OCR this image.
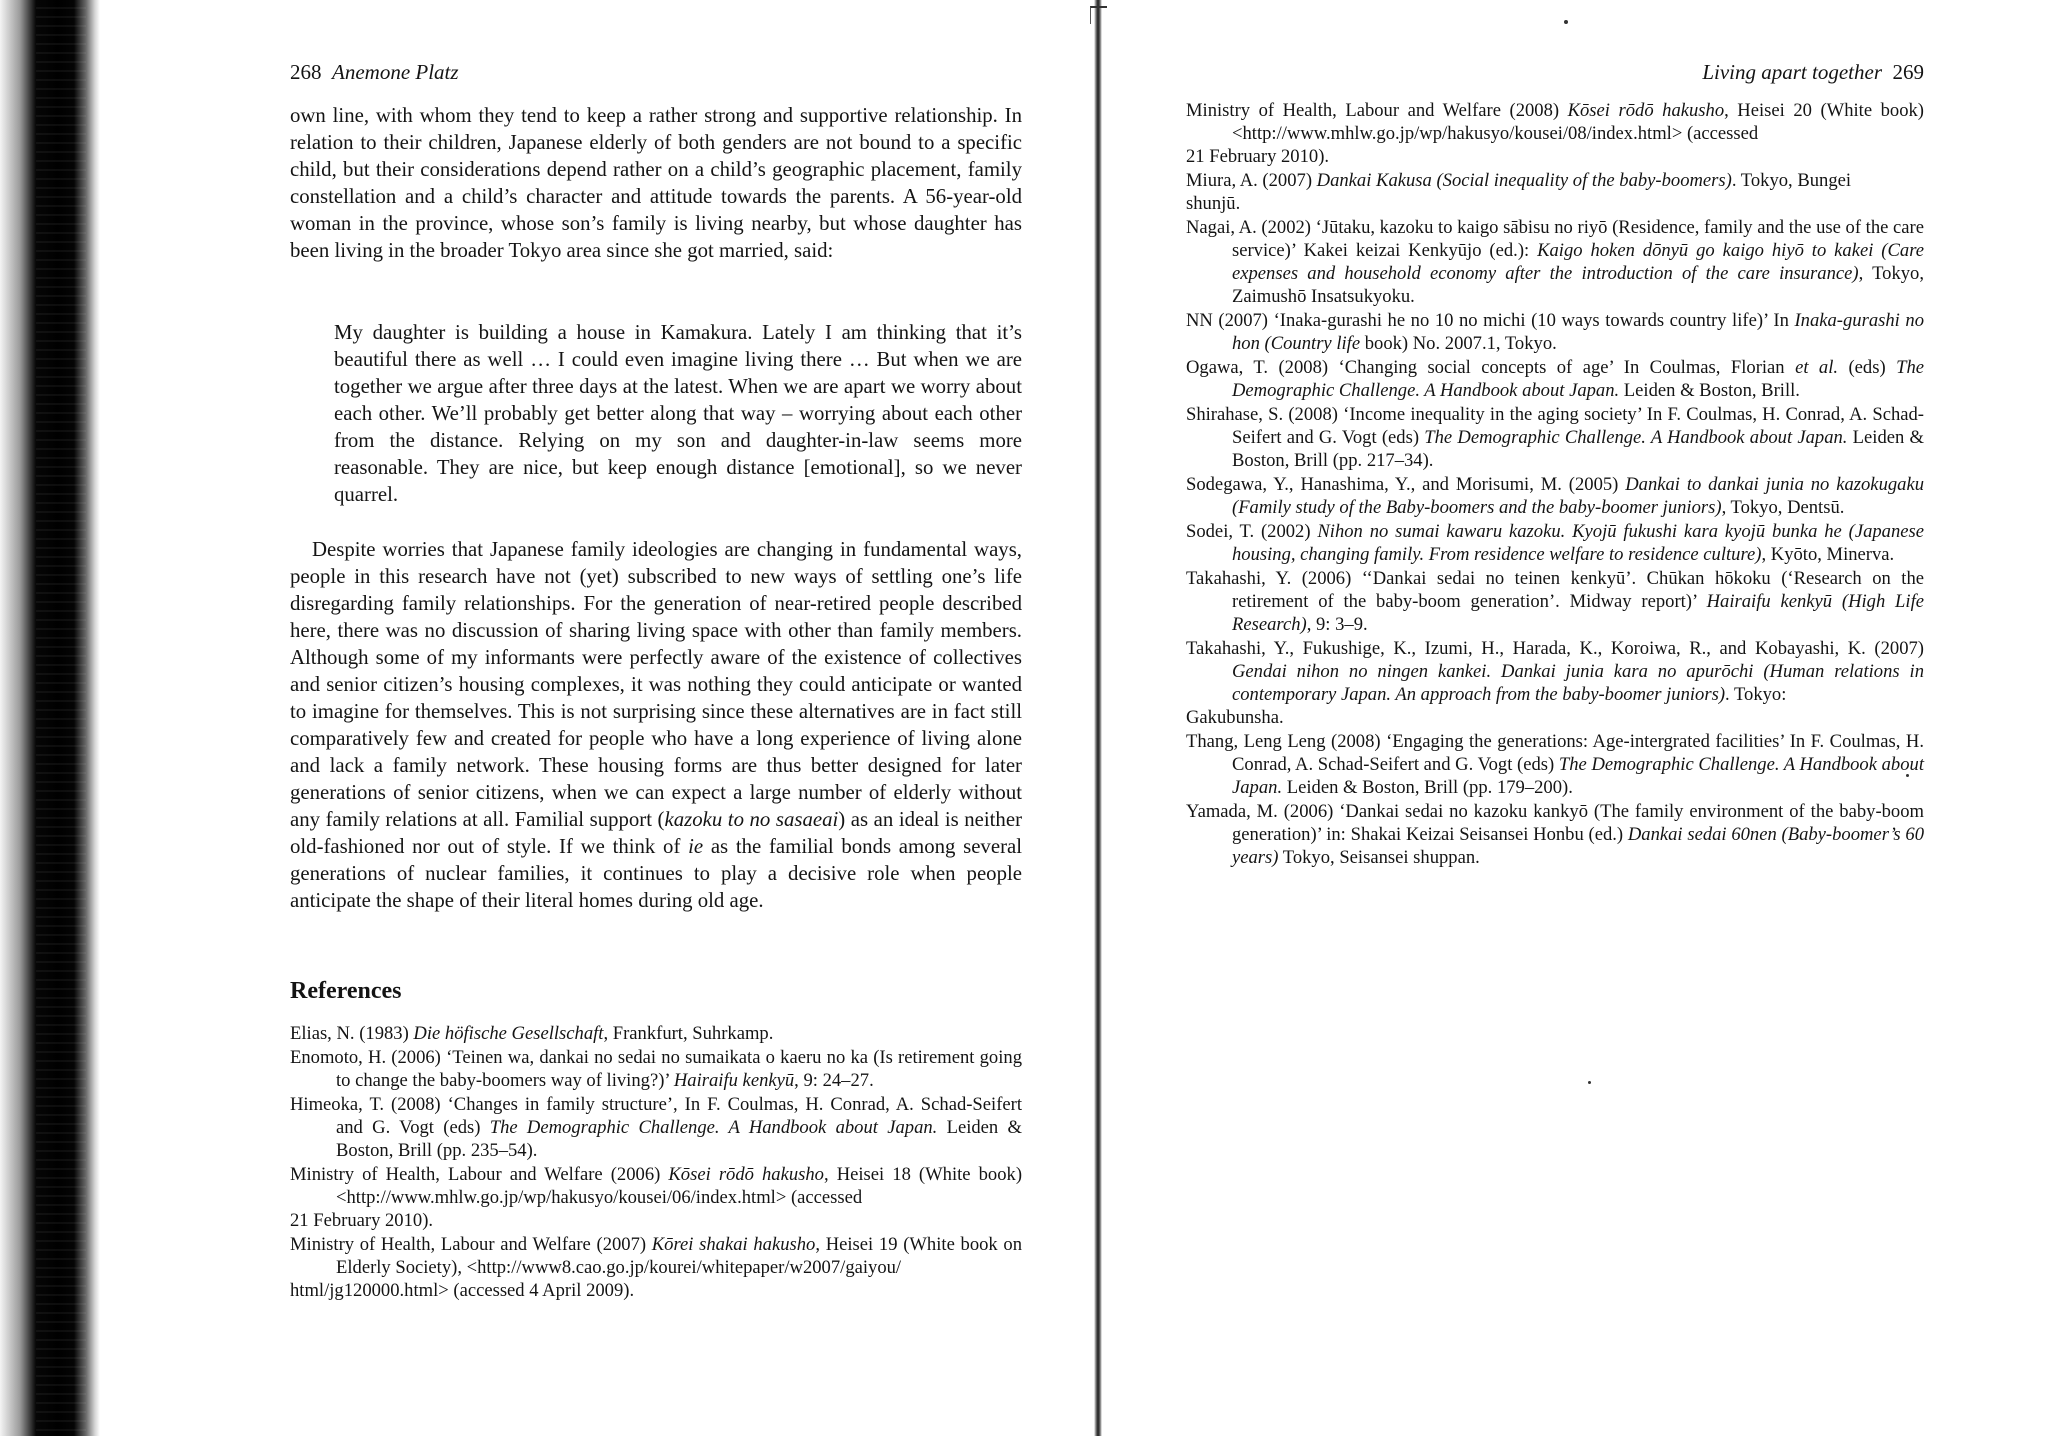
268 Anemone Platz

own line, with whom they tend to keep a rather strong and supportive relationship. In relation to their children, Japanese elderly of both genders are not bound to a specific child, but their considerations depend rather on a child’s geographic placement, family constellation and a child’s character and attitude towards the parents. A 56-year-old woman in the province, whose son’s family is living nearby, but whose daughter has been living in the broader Tokyo area since she got married, said:

My daughter is building a house in Kamakura. Lately I am thinking that it’s beautiful there as well … I could even imagine living there … But when we are together we argue after three days at the latest. When we are apart we worry about each other. We’ll probably get better along that way – worrying about each other from the distance. Relying on my son and daughter-in-law seems more reasonable. They are nice, but keep enough distance [emotional], so we never quarrel.

Despite worries that Japanese family ideologies are changing in fundamental ways, people in this research have not (yet) subscribed to new ways of settling one’s life disregarding family relationships. For the generation of near-retired people described here, there was no discussion of sharing living space with other than family members. Although some of my informants were perfectly aware of the existence of collectives and senior citizen’s housing complexes, it was nothing they could anticipate or wanted to imagine for themselves. This is not surprising since these alternatives are in fact still comparatively few and created for people who have a long experience of living alone and lack a family network. These housing forms are thus better designed for later generations of senior citizens, when we can expect a large number of elderly without any family relations at all. Familial support (kazoku to no sasaeai) as an ideal is neither old-fashioned nor out of style. If we think of ie as the familial bonds among several generations of nuclear families, it continues to play a decisive role when people anticipate the shape of their literal homes during old age.

References

Elias, N. (1983) Die höfische Gesellschaft, Frankfurt, Suhrkamp.

Enomoto, H. (2006) ‘Teinen wa, dankai no sedai no sumaikata o kaeru no ka (Is retirement going to change the baby-boomers way of living?)’ Hairaifu kenkyū, 9: 24–27.

Himeoka, T. (2008) ‘Changes in family structure’, In F. Coulmas, H. Conrad, A. Schad-Seifert and G. Vogt (eds) The Demographic Challenge. A Handbook about Japan. Leiden & Boston, Brill (pp. 235–54).

Ministry of Health, Labour and Welfare (2006) Kōsei rōdō hakusho, Heisei 18 (White book) <http://www.mhlw.go.jp/wp/hakusyo/kousei/06/index.html> (accessed
21 February 2010).

Ministry of Health, Labour and Welfare (2007) Kōrei shakai hakusho, Heisei 19 (White book on Elderly Society), <http://www8.cao.go.jp/kourei/whitepaper/w2007/gaiyou/
html/jg120000.html> (accessed 4 April 2009).

Living apart together 269

Ministry of Health, Labour and Welfare (2008) Kōsei rōdō hakusho, Heisei 20 (White book) <http://www.mhlw.go.jp/wp/hakusyo/kousei/08/index.html> (accessed
21 February 2010).

Miura, A. (2007) Dankai Kakusa (Social inequality of the baby-boomers). Tokyo, Bungei
shunjū.

Nagai, A. (2002) ‘Jūtaku, kazoku to kaigo sābisu no riyō (Residence, family and the use of the care service)’ Kakei keizai Kenkyūjo (ed.): Kaigo hoken dōnyū go kaigo hiyō to kakei (Care expenses and household economy after the introduction of the care insurance), Tokyo, Zaimushō Insatsukyoku.

NN (2007) ‘Inaka-gurashi he no 10 no michi (10 ways towards country life)’ In Inaka-gurashi no hon (Country life book) No. 2007.1, Tokyo.

Ogawa, T. (2008) ‘Changing social concepts of age’ In Coulmas, Florian et al. (eds) The Demographic Challenge. A Handbook about Japan. Leiden & Boston, Brill.

Shirahase, S. (2008) ‘Income inequality in the aging society’ In F. Coulmas, H. Conrad, A. Schad-Seifert and G. Vogt (eds) The Demographic Challenge. A Handbook about Japan. Leiden & Boston, Brill (pp. 217–34).

Sodegawa, Y., Hanashima, Y., and Morisumi, M. (2005) Dankai to dankai junia no kazokugaku (Family study of the Baby-boomers and the baby-boomer juniors), Tokyo, Dentsū.

Sodei, T. (2002) Nihon no sumai kawaru kazoku. Kyojū fukushi kara kyojū bunka he (Japanese housing, changing family. From residence welfare to residence culture), Kyōto, Minerva.

Takahashi, Y. (2006) ‘‘Dankai sedai no teinen kenkyū’. Chūkan hōkoku (‘Research on the retirement of the baby-boom generation’. Midway report)’ Hairaifu kenkyū (High Life Research), 9: 3–9.

Takahashi, Y., Fukushige, K., Izumi, H., Harada, K., Koroiwa, R., and Kobayashi, K. (2007) Gendai nihon no ningen kankei. Dankai junia kara no apurōchi (Human relations in contemporary Japan. An approach from the baby-boomer juniors). Tokyo:
Gakubunsha.

Thang, Leng Leng (2008) ‘Engaging the generations: Age-intergrated facilities’ In F. Coulmas, H. Conrad, A. Schad-Seifert and G. Vogt (eds) The Demographic Challenge. A Handbook about Japan. Leiden & Boston, Brill (pp. 179–200).

Yamada, M. (2006) ‘Dankai sedai no kazoku kankyō (The family environment of the baby-boom generation)’ in: Shakai Keizai Seisansei Honbu (ed.) Dankai sedai 60nen (Baby-boomer’s 60 years) Tokyo, Seisansei shuppan.
